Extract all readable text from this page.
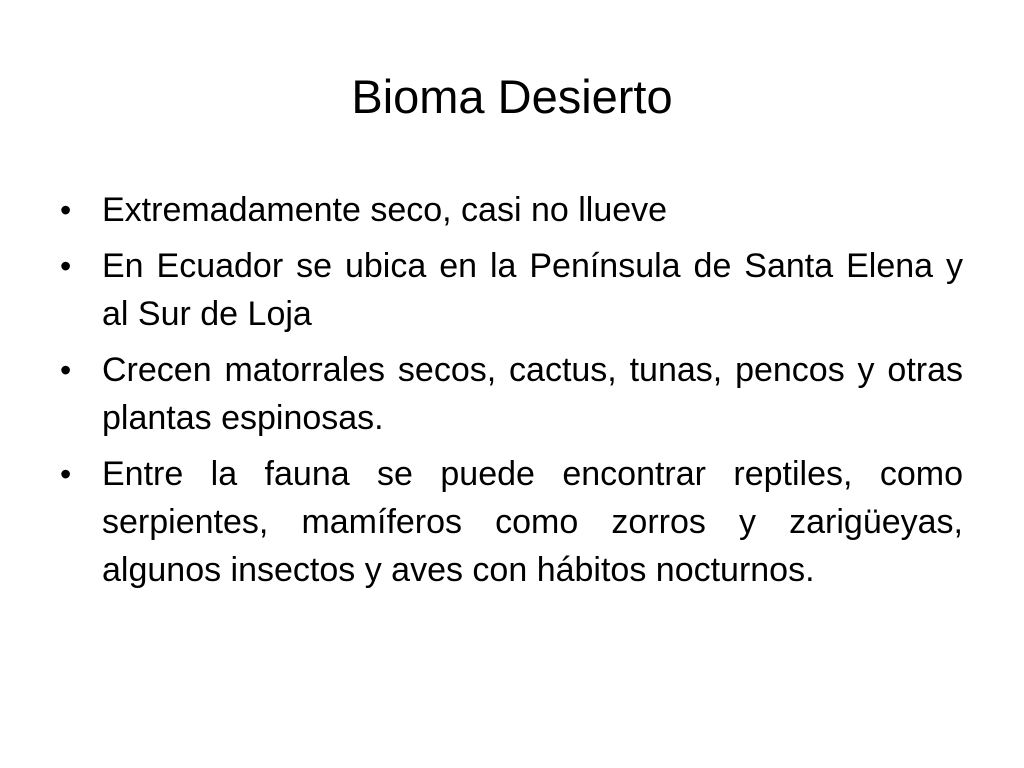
Bioma Desierto
• Extremadamente seco, casi no llueve
• En Ecuador se ubica en la Península de Santa Elena y al Sur de Loja
• Crecen matorrales secos, cactus, tunas, pencos y otras plantas espinosas.
• Entre la fauna se puede encontrar reptiles, como serpientes, mamíferos como zorros y zarigüeyas, algunos insectos y aves con hábitos nocturnos.
